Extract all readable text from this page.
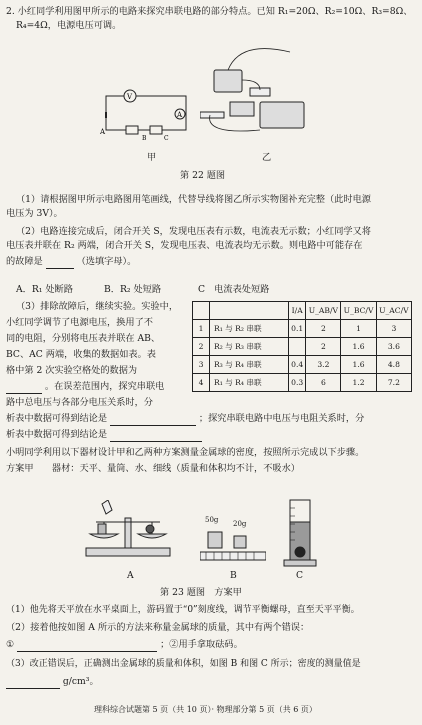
2. 小红同学利用图甲所示的电路来探究串联电路的部分特点。已知 R₁=20Ω、R₂=10Ω、R₃=8Ω、
R₄=4Ω，电源电压可调。
V
A
A
B	C
甲	乙
第 22 题图
（1）请根据图甲所示电路图用笔画线，代替导线将图乙所示实物图补充完整（此时电源
电压为 3V）。
（2）电路连接完成后，闭合开关 S，发现电压表有示数，电流表无示数；小红同学又将
电压表并联在 R₂ 两端，闭合开关 S，发现电压表、电流表均无示数。则电路中可能存在
的故障是	（选填字母）。
A．R₁ 处断路	B．R₂ 处短路	C　电流表处短路
（3）排除故障后，继续实验。实验中，
小红同学调节了电源电压，换用了不
同的电阻，分别将电压表并联在 AB、
BC、AC 两端，收集的数据如表。表
格中第 2 次实验空格处的数据为
。在误差范围内，探究串联电
路中总电压与各部分电压关系时，分
析表中数据可得到结论是	；探究串联电路中电压与电阻关系时，分
析表中数据可得到结论是
		I/A	U_AB/V	U_BC/V	U_AC/V
1	R₁ 与 R₂ 串联	0.1	2	1	3
2	R₂ 与 R₃ 串联		2	1.6	3.6
3	R₃ 与 R₄ 串联	0.4	3.2	1.6	4.8
4	R₁ 与 R₄ 串联	0.3	6	1.2	7.2
小明同学利用以下器材设计甲和乙两种方案测量金属球的密度，按照所示完成以下步骤。
方案甲　　器材：天平、量筒、水、细线（质量和体积均不计，不吸水）
50g 20g
A	B	C
第 23 题图　方案甲
（1）他先将天平放在水平桌面上，游码置于“0”刻度线，调节平衡螺母，直至天平平衡。
（2）接着他按如图 A 所示的方法来称量金属球的质量，其中有两个错误：
①	；②用手拿取砝码。
（3）改正错误后，正确测出金属球的质量和体积，如图 B 和图 C 所示；密度的测量值是
g/cm³。
理科综合试题第 5 页（共 10 页）· 物理部分第 5 页（共 6 页）
